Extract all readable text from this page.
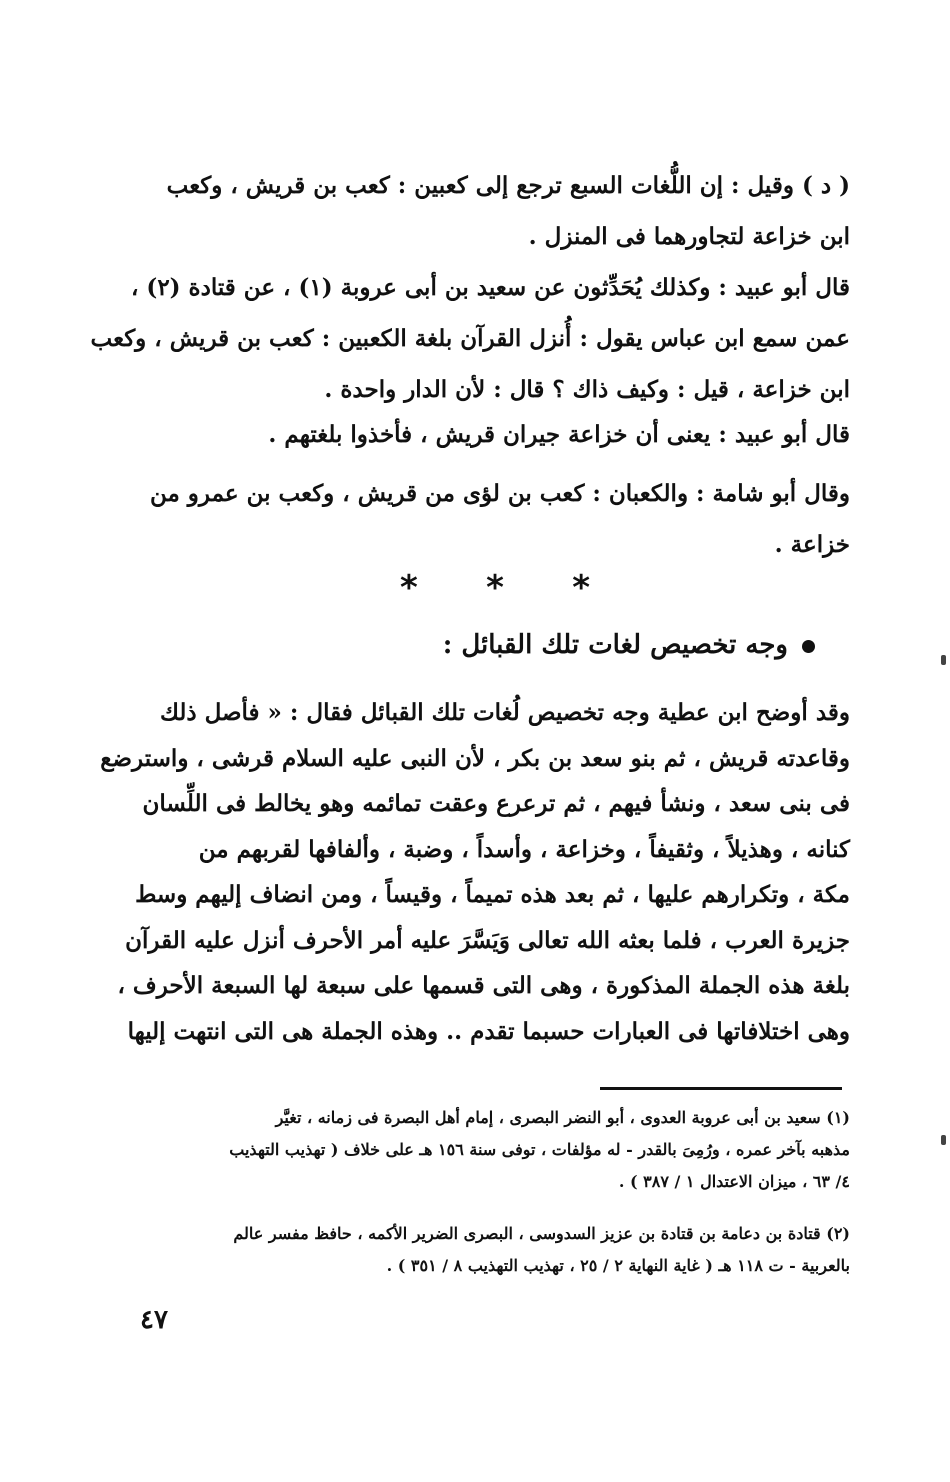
( د ) وقيل : إن اللُّغات السبع ترجع إلى كعبين : كعب بن قريش ، وكعب
ابن خزاعة لتجاورهما فى المنزل .

قال أبو عبيد : وكذلك يُحَدِّثون عن سعيد بن أبى عروبة (١) ، عن قتادة (٢) ،
عمن سمع ابن عباس يقول : أُنزل القرآن بلغة الكعبين : كعب بن قريش ، وكعب
ابن خزاعة ، قيل : وكيف ذاك ؟ قال : لأن الدار واحدة .

قال أبو عبيد : يعنى أن خزاعة جيران قريش ، فأخذوا بلغتهم .

وقال أبو شامة : والكعبان : كعب بن لؤى من قريش ، وكعب بن عمرو من
خزاعة .

* * *
وجه تخصيص لغات تلك القبائل :

وقد أوضح ابن عطية وجه تخصيص لُغات تلك القبائل فقال : « فأصل ذلك
وقاعدته قريش ، ثم بنو سعد بن بكر ، لأن النبى عليه السلام قرشى ، واسترضع
فى بنى سعد ، ونشأ فيهم ، ثم ترعرع وعقت تمائمه وهو يخالط فى اللِّسان
كنانه ، وهذيلاً ، وثقيفاً ، وخزاعة ، وأسداً ، وضبة ، وألفافها لقربهم من
مكة ، وتكرارهم عليها ، ثم بعد هذه تميماً ، وقيساً ، ومن انضاف إليهم وسط
جزيرة العرب ، فلما بعثه الله تعالى وَيَسَّرَ عليه أمر الأحرف أنزل عليه القرآن
بلغة هذه الجملة المذكورة ، وهى التى قسمها على سبعة لها السبعة الأحرف ،
وهى اختلافاتها فى العبارات حسبما تقدم .. وهذه الجملة هى التى انتهت إليها

(١) سعيد بن أبى عروبة العدوى ، أبو النضر البصرى ، إمام أهل البصرة فى زمانه ، تغيَّر
مذهبه بآخر عمره ، ورُمِىَ بالقدر - له مؤلفات ، توفى سنة ١٥٦ هـ على خلاف ( تهذيب التهذيب
٤/ ٦٣ ، ميزان الاعتدال ١ / ٣٨٧ ) .
(٢) قتادة بن دعامة بن قتادة بن عزيز السدوسى ، البصرى الضرير الأكمه ، حافظ مفسر عالم
بالعربية - ت ١١٨ هـ ( غاية النهاية ٢ / ٢٥ ، تهذيب التهذيب ٨ / ٣٥١ ) .
٤٧
